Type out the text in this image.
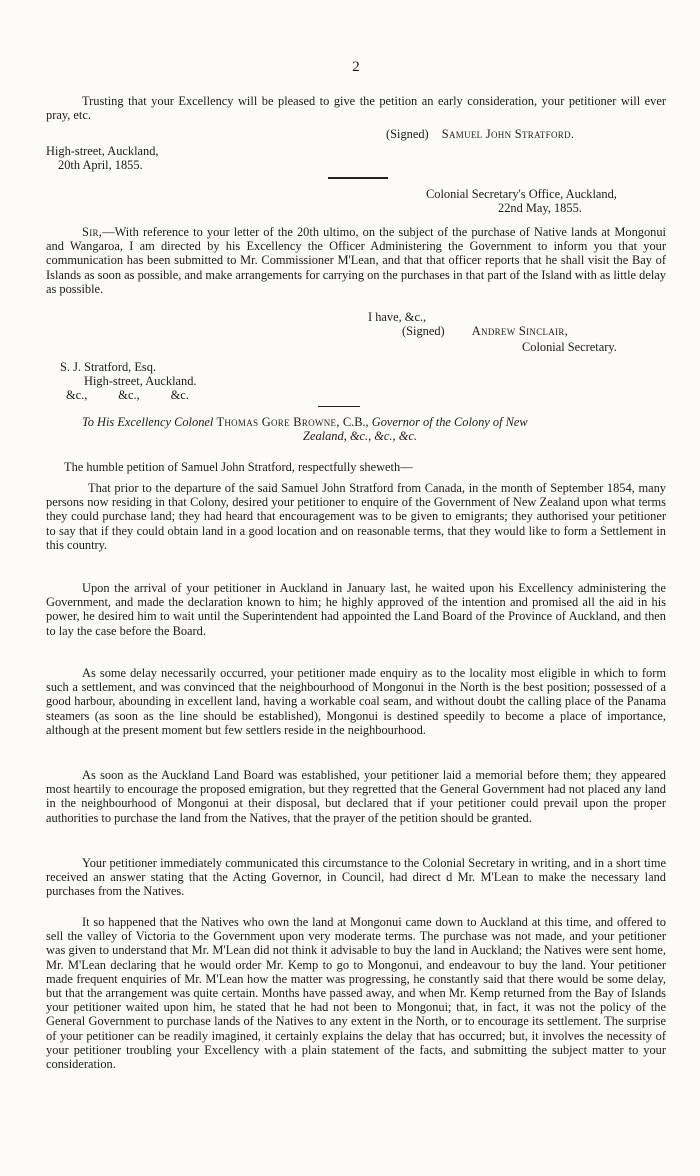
2

Trusting that your Excellency will be pleased to give the petition an early consideration, your petitioner will ever pray, etc.

(Signed) Samuel John Stratford.
High-street, Auckland,
20th April, 1855.
Colonial Secretary's Office, Auckland,
22nd May, 1855.

Sir,—With reference to your letter of the 20th ultimo, on the subject of the purchase of Native lands at Mongonui and Wangaroa, I am directed by his Excellency the Officer Administering the Government to inform you that your communication has been submitted to Mr. Commissioner M'Lean, and that that officer reports that he shall visit the Bay of Islands as soon as possible, and make arrangements for carrying on the purchases in that part of the Island with as little delay as possible.

I have, &c.,
(Signed) Andrew Sinclair,
Colonial Secretary.
S. J. Stratford, Esq.
High-street, Auckland.
&c.,          &c.,          &c.
To His Excellency Colonel Thomas Gore Browne, C.B., Governor of the Colony of New
Zealand, &c., &c., &c.
The humble petition of Samuel John Stratford, respectfully sheweth—

That prior to the departure of the said Samuel John Stratford from Canada, in the month of September 1854, many persons now residing in that Colony, desired your petitioner to enquire of the Government of New Zealand upon what terms they could purchase land; they had heard that encouragement was to be given to emigrants; they authorised your petitioner to say that if they could obtain land in a good location and on reasonable terms, that they would like to form a Settlement in this country.

Upon the arrival of your petitioner in Auckland in January last, he waited upon his Excellency administering the Government, and made the declaration known to him; he highly approved of the intention and promised all the aid in his power, he desired him to wait until the Superintendent had appointed the Land Board of the Province of Auckland, and then to lay the case before the Board.

As some delay necessarily occurred, your petitioner made enquiry as to the locality most eligible in which to form such a settlement, and was convinced that the neighbourhood of Mongonui in the North is the best position; possessed of a good harbour, abounding in excellent land, having a workable coal seam, and without doubt the calling place of the Panama steamers (as soon as the line should be established), Mongonui is destined speedily to become a place of importance, although at the present moment but few settlers reside in the neighbourhood.

As soon as the Auckland Land Board was established, your petitioner laid a memorial before them; they appeared most heartily to encourage the proposed emigration, but they regretted that the General Government had not placed any land in the neighbourhood of Mongonui at their disposal, but declared that if your petitioner could prevail upon the proper authorities to purchase the land from the Natives, that the prayer of the petition should be granted.

Your petitioner immediately communicated this circumstance to the Colonial Secretary in writing, and in a short time received an answer stating that the Acting Governor, in Council, had direct d Mr. M'Lean to make the necessary land purchases from the Natives.

It so happened that the Natives who own the land at Mongonui came down to Auckland at this time, and offered to sell the valley of Victoria to the Government upon very moderate terms. The purchase was not made, and your petitioner was given to understand that Mr. M'Lean did not think it advisable to buy the land in Auckland; the Natives were sent home, Mr. M'Lean declaring that he would order Mr. Kemp to go to Mongonui, and endeavour to buy the land. Your petitioner made frequent enquiries of Mr. M'Lean how the matter was progressing, he constantly said that there would be some delay, but that the arrangement was quite certain. Months have passed away, and when Mr. Kemp returned from the Bay of Islands your petitioner waited upon him, he stated that he had not been to Mongonui; that, in fact, it was not the policy of the General Government to purchase lands of the Natives to any extent in the North, or to encourage its settlement. The surprise of your petitioner can be readily imagined, it certainly explains the delay that has occurred; but, it involves the necessity of your petitioner troubling your Excellency with a plain statement of the facts, and submitting the subject matter to your consideration.
